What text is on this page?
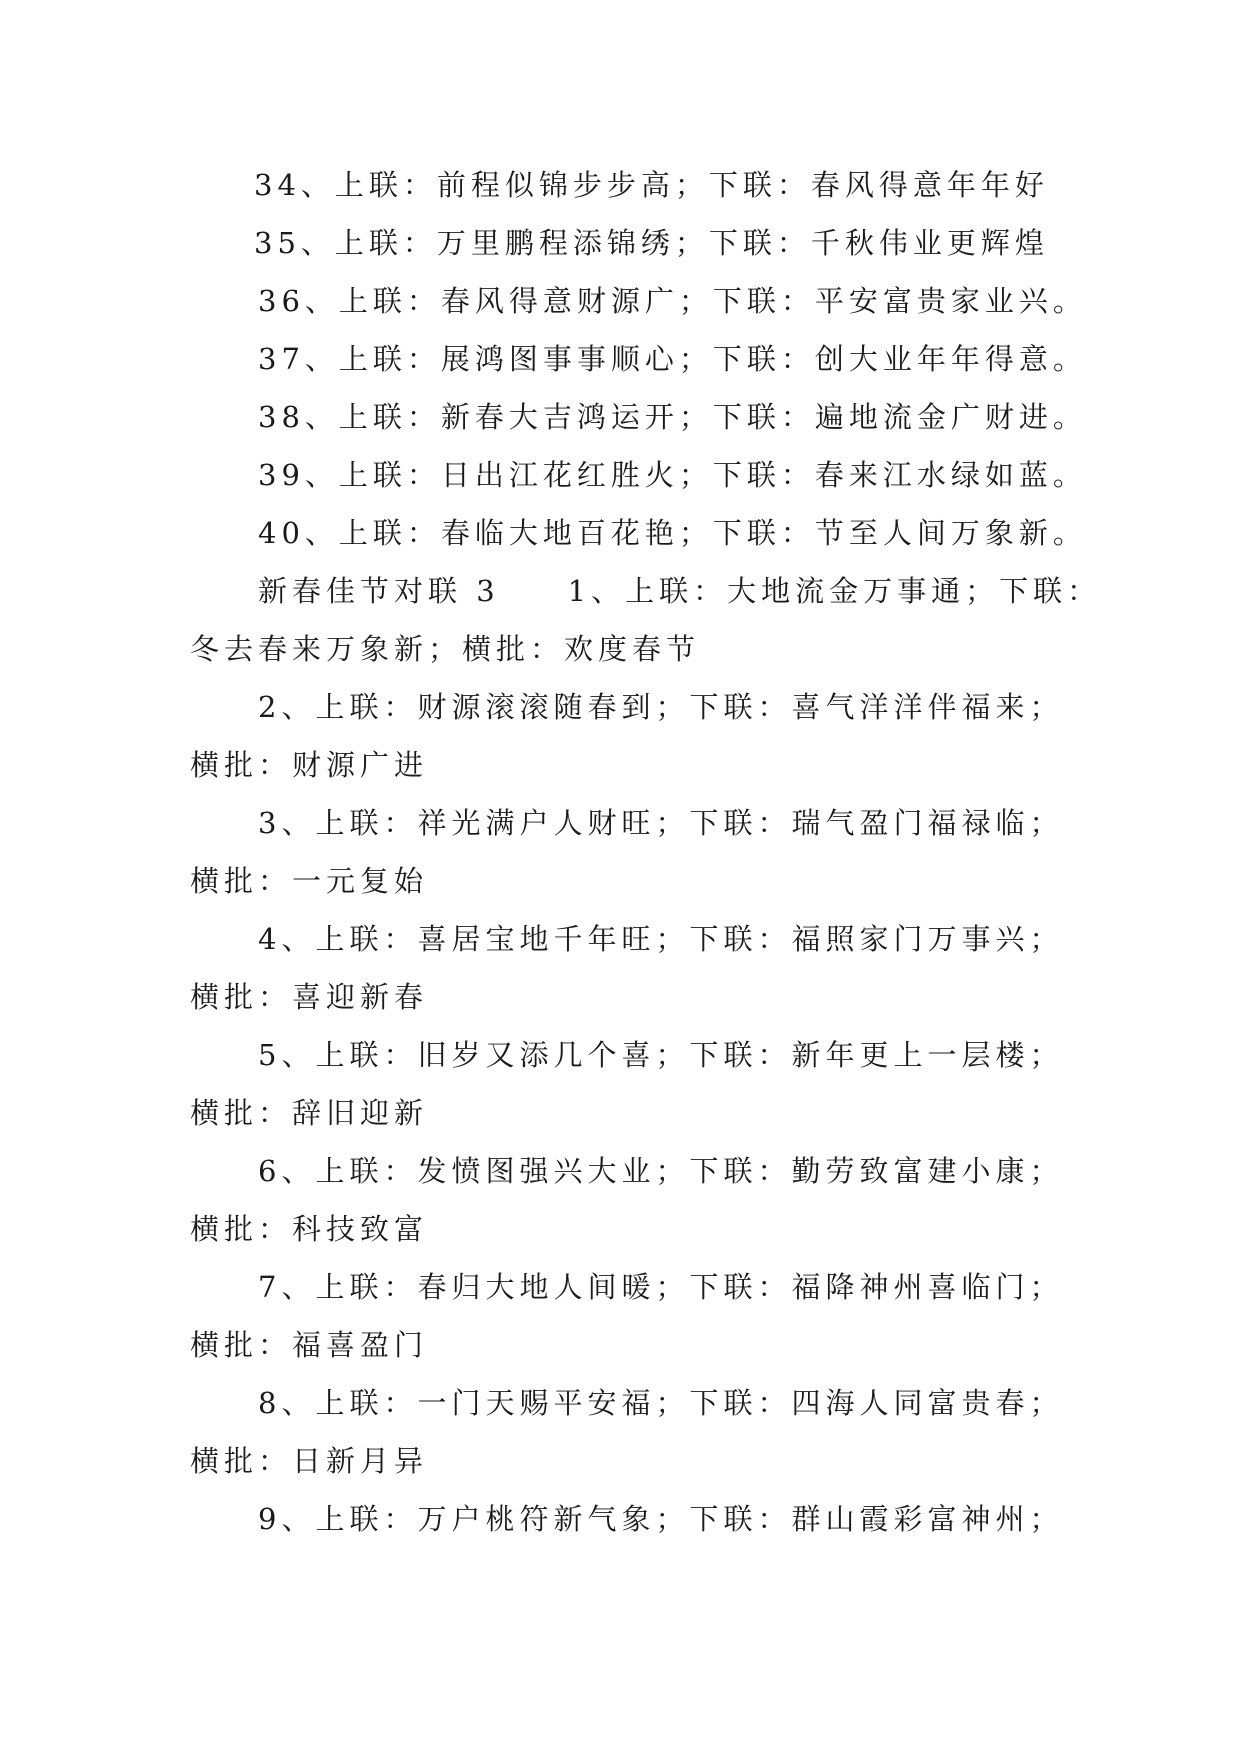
34、上联：前程似锦步步高；下联：春风得意年年好
35、上联：万里鹏程添锦绣；下联：千秋伟业更辉煌
36、上联：春风得意财源广；下联：平安富贵家业兴。
37、上联：展鸿图事事顺心；下联：创大业年年得意。
38、上联：新春大吉鸿运开；下联：遍地流金广财进。
39、上联：日出江花红胜火；下联：春来江水绿如蓝。
40、上联：春临大地百花艳；下联：节至人间万象新。
新春佳节对联 3　　1、上联：大地流金万事通；下联：
冬去春来万象新；横批：欢度春节
2、上联：财源滚滚随春到；下联：喜气洋洋伴福来；
横批：财源广进
3、上联：祥光满户人财旺；下联：瑞气盈门福禄临；
横批：一元复始
4、上联：喜居宝地千年旺；下联：福照家门万事兴；
横批：喜迎新春
5、上联：旧岁又添几个喜；下联：新年更上一层楼；
横批：辞旧迎新
6、上联：发愤图强兴大业；下联：勤劳致富建小康；
横批：科技致富
7、上联：春归大地人间暖；下联：福降神州喜临门；
横批：福喜盈门
8、上联：一门天赐平安福；下联：四海人同富贵春；
横批：日新月异
9、上联：万户桃符新气象；下联：群山霞彩富神州；
